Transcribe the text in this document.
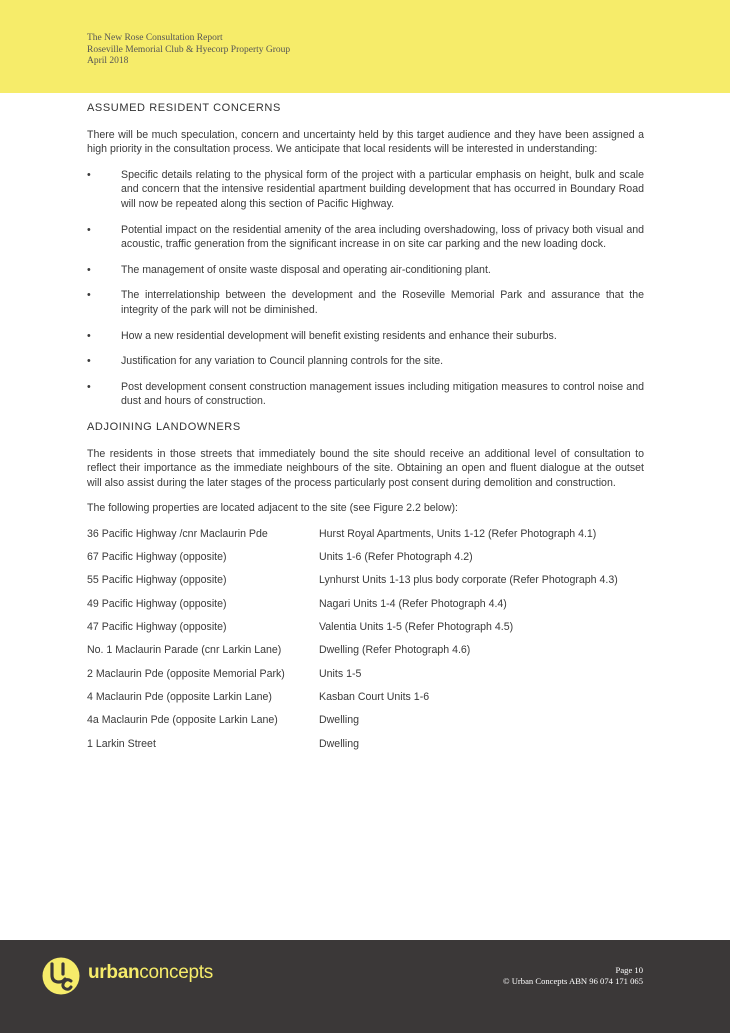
The New Rose Consultation Report
Roseville Memorial Club & Hyecorp Property Group
April 2018
ASSUMED RESIDENT CONCERNS

There will be much speculation, concern and uncertainty held by this target audience and they have been assigned a high priority in the consultation process. We anticipate that local residents will be interested in understanding:

•	Specific details relating to the physical form of the project with a particular emphasis on height, bulk and scale and concern that the intensive residential apartment building development that has occurred in Boundary Road will now be repeated along this section of Pacific Highway.
•	Potential impact on the residential amenity of the area including overshadowing, loss of privacy both visual and acoustic, traffic generation from the significant increase in on site car parking and the new loading dock.
•	The management of onsite waste disposal and operating air-conditioning plant.
•	The interrelationship between the development and the Roseville Memorial Park and assurance that the integrity of the park will not be diminished.
•	How a new residential development will benefit existing residents and enhance their suburbs.
•	Justification for any variation to Council planning controls for the site.
•	Post development consent construction management issues including mitigation measures to control noise and dust and hours of construction.
ADJOINING LANDOWNERS

The residents in those streets that immediately bound the site should receive an additional level of consultation to reflect their importance as the immediate neighbours of the site. Obtaining an open and fluent dialogue at the outset will also assist during the later stages of the process particularly post consent during demolition and construction.

The following properties are located adjacent to the site (see Figure 2.2 below):

36 Pacific Highway /cnr Maclaurin Pde	Hurst Royal Apartments, Units 1-12 (Refer Photograph 4.1)
67 Pacific Highway (opposite)	Units 1-6 (Refer Photograph 4.2)
55 Pacific Highway (opposite)	Lynhurst Units 1-13 plus body corporate (Refer Photograph 4.3)
49 Pacific Highway (opposite)	Nagari Units 1-4 (Refer Photograph 4.4)
47 Pacific Highway (opposite)	Valentia Units 1-5 (Refer Photograph 4.5)
No. 1 Maclaurin Parade (cnr Larkin Lane)	Dwelling (Refer Photograph 4.6)
2 Maclaurin Pde (opposite Memorial Park)	Units 1-5
4 Maclaurin Pde (opposite Larkin Lane)	Kasban Court Units 1-6
4a Maclaurin Pde (opposite Larkin Lane)	Dwelling
1 Larkin Street	Dwelling
urbanconcepts	Page 10
© Urban Concepts ABN 96 074 171 065
